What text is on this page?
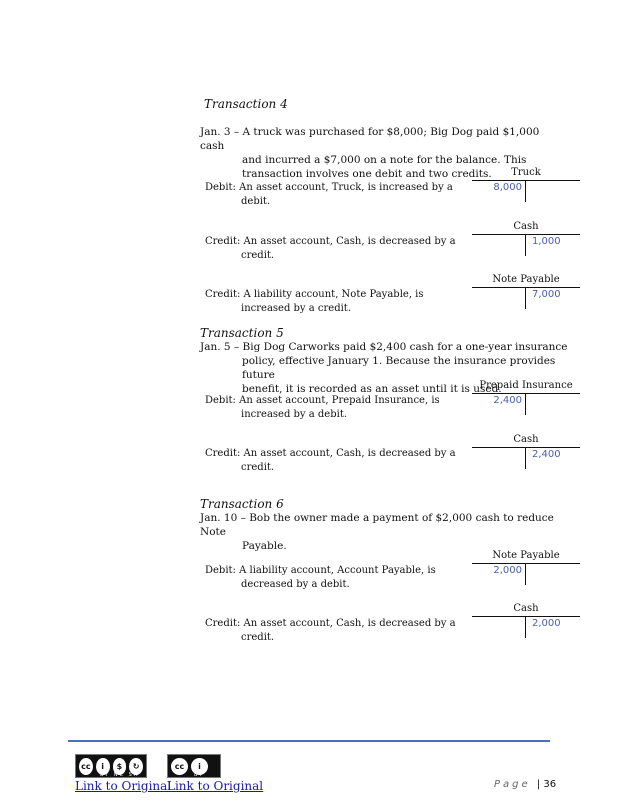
Transaction 4
Jan. 3 – A truck was purchased for $8,000; Big Dog paid $1,000 cash
and incurred a $7,000 on a note for the balance. This
transaction involves one debit and two credits.
Debit: An asset account, Truck, is increased by a
debit.
Truck
8,000
Credit: An asset account, Cash, is decreased by a
credit.
Cash
1,000
Credit: A liability account, Note Payable, is
increased by a credit.
Note Payable
7,000
Transaction 5
Jan. 5 – Big Dog Carworks paid $2,400 cash for a one-year insurance
policy, effective January 1. Because the insurance provides future
benefit, it is recorded as an asset until it is used.
Debit: An asset account, Prepaid Insurance, is
increased by a debit.
Prepaid Insurance
2,400
Credit: An asset account, Cash, is decreased by a
credit.
Cash
2,400
Transaction 6
Jan. 10 – Bob the owner made a payment of $2,000 cash to reduce Note
Payable.
Debit: A liability account, Account Payable, is
decreased by a debit.
Note Payable
2,000
Credit: An asset account, Cash, is decreased by a
credit.
Cash
2,000
cc	i	$	↻
BY NC SA
Link to Original
cc	i
BY
Link to Original	Page | 36
